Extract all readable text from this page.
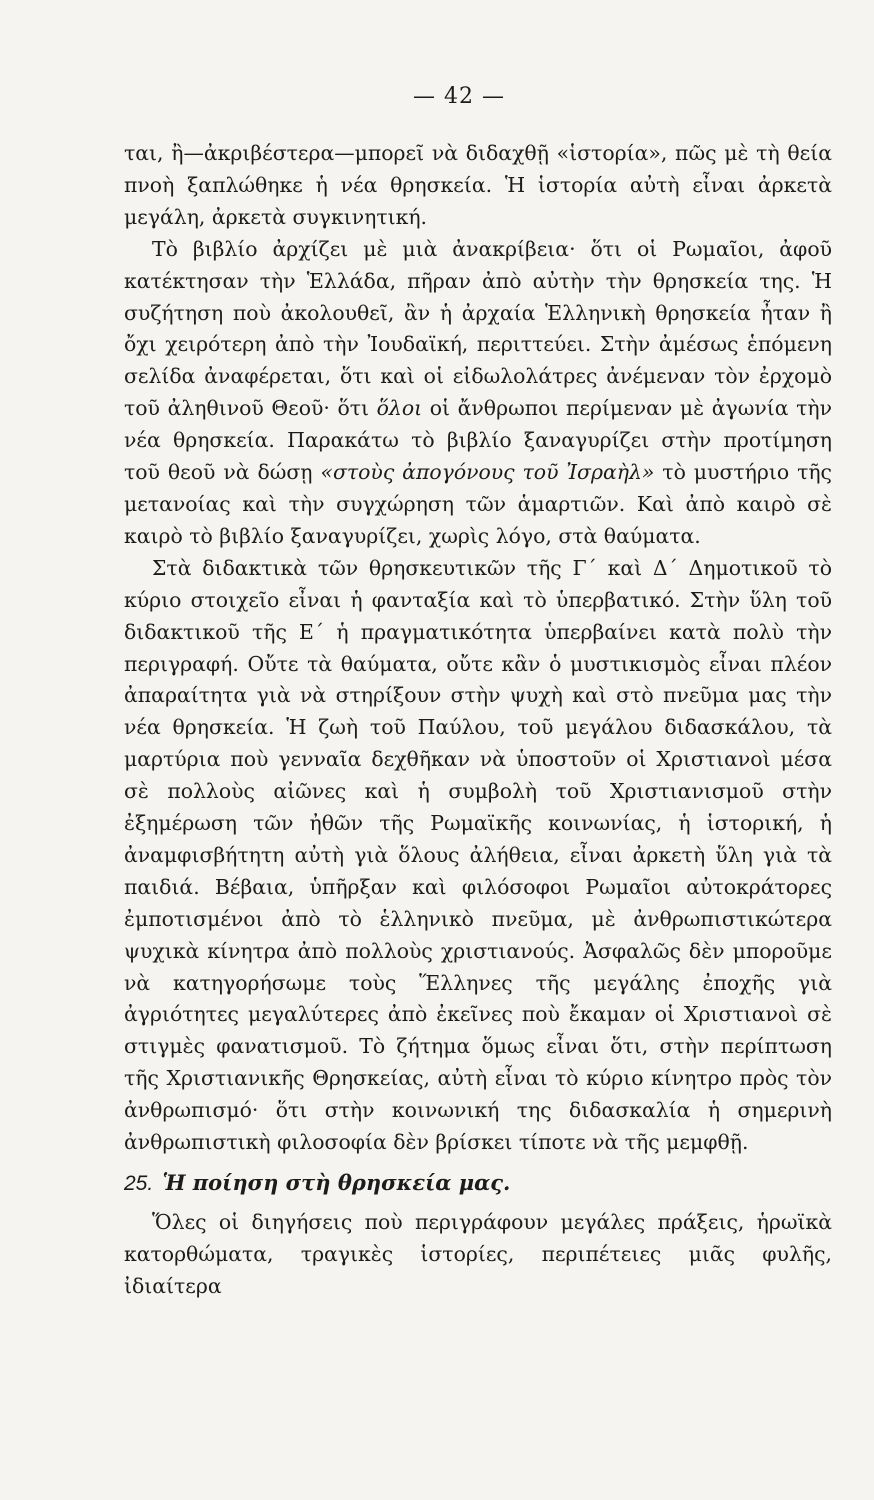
— 42 —

ται, ἢ—ἀκριβέστερα—μπορεῖ νὰ διδαχθῇ «ἱστορία», πῶς μὲ τὴ θεία πνοὴ ξαπλώθηκε ἡ νέα θρησκεία. Ἡ ἱστορία αὐτὴ εἶναι ἀρκετὰ μεγάλη, ἀρκετὰ συγκινητική.

Τὸ βιβλίο ἀρχίζει μὲ μιὰ ἀνακρίβεια· ὅτι οἱ Ρωμαῖοι, ἀφοῦ κατέκτησαν τὴν Ἑλλάδα, πῆραν ἀπὸ αὐτὴν τὴν θρησκεία της. Ἡ συζήτηση ποὺ ἀκολουθεῖ, ἂν ἡ ἀρχαία Ἑλληνικὴ θρησκεία ἦταν ἢ ὄχι χειρότερη ἀπὸ τὴν Ἰουδαϊκή, περιττεύει. Στὴν ἀμέσως ἑπόμενη σελίδα ἀναφέρεται, ὅτι καὶ οἱ εἰδωλολάτρες ἀνέμεναν τὸν ἐρχομὸ τοῦ ἀληθινοῦ Θεοῦ· ὅτι ὅλοι οἱ ἄνθρωποι περίμεναν μὲ ἀγωνία τὴν νέα θρησκεία. Παρακάτω τὸ βιβλίο ξαναγυρίζει στὴν προτίμηση τοῦ θεοῦ νὰ δώσῃ «στοὺς ἀπογόνους τοῦ Ἰσραὴλ» τὸ μυστήριο τῆς μετανοίας καὶ τὴν συγχώρηση τῶν ἁμαρτιῶν. Καὶ ἀπὸ καιρὸ σὲ καιρὸ τὸ βιβλίο ξαναγυρίζει, χωρὶς λόγο, στὰ θαύματα.

Στὰ διδακτικὰ τῶν θρησκευτικῶν τῆς Γ´ καὶ Δ´ Δημοτικοῦ τὸ κύριο στοιχεῖο εἶναι ἡ φανταξία καὶ τὸ ὑπερβατικό. Στὴν ὕλη τοῦ διδακτικοῦ τῆς Ε´ ἡ πραγματικότητα ὑπερβαίνει κατὰ πολὺ τὴν περιγραφή. Οὔτε τὰ θαύματα, οὔτε κἂν ὁ μυστικισμὸς εἶναι πλέον ἀπαραίτητα γιὰ νὰ στηρίξουν στὴν ψυχὴ καὶ στὸ πνεῦμα μας τὴν νέα θρησκεία. Ἡ ζωὴ τοῦ Παύλου, τοῦ μεγάλου διδασκάλου, τὰ μαρτύρια ποὺ γενναῖα δεχθῆκαν νὰ ὑποστοῦν οἱ Χριστιανοὶ μέσα σὲ πολλοὺς αἰῶνες καὶ ἡ συμβολὴ τοῦ Χριστιανισμοῦ στὴν ἐξημέρωση τῶν ἠθῶν τῆς Ρωμαϊκῆς κοινωνίας, ἡ ἱστορική, ἡ ἀναμφισβήτητη αὐτὴ γιὰ ὅλους ἀλήθεια, εἶναι ἀρκετὴ ὕλη γιὰ τὰ παιδιά. Βέβαια, ὑπῆρξαν καὶ φιλόσοφοι Ρωμαῖοι αὐτοκράτορες ἐμποτισμένοι ἀπὸ τὸ ἑλληνικὸ πνεῦμα, μὲ ἀνθρωπιστικώτερα ψυχικὰ κίνητρα ἀπὸ πολλοὺς χριστιανούς. Ἀσφαλῶς δὲν μποροῦμε νὰ κατηγορήσωμε τοὺς Ἕλληνες τῆς μεγάλης ἐποχῆς γιὰ ἀγριότητες μεγαλύτερες ἀπὸ ἐκεῖνες ποὺ ἔκαμαν οἱ Χριστιανοὶ σὲ στιγμὲς φανατισμοῦ. Τὸ ζήτημα ὅμως εἶναι ὅτι, στὴν περίπτωση τῆς Χριστιανικῆς Θρησκείας, αὐτὴ εἶναι τὸ κύριο κίνητρο πρὸς τὸν ἀνθρωπισμό· ὅτι στὴν κοινωνική της διδασκαλία ἡ σημερινὴ ἀνθρωπιστικὴ φιλοσοφία δὲν βρίσκει τίποτε νὰ τῆς μεμφθῇ.

25. Ἡ ποίηση στὴ θρησκεία μας.

Ὅλες οἱ διηγήσεις ποὺ περιγράφουν μεγάλες πράξεις, ἡρωϊκὰ κατορθώματα, τραγικὲς ἱστορίες, περιπέτειες μιᾶς φυλῆς, ἰδιαίτερα
